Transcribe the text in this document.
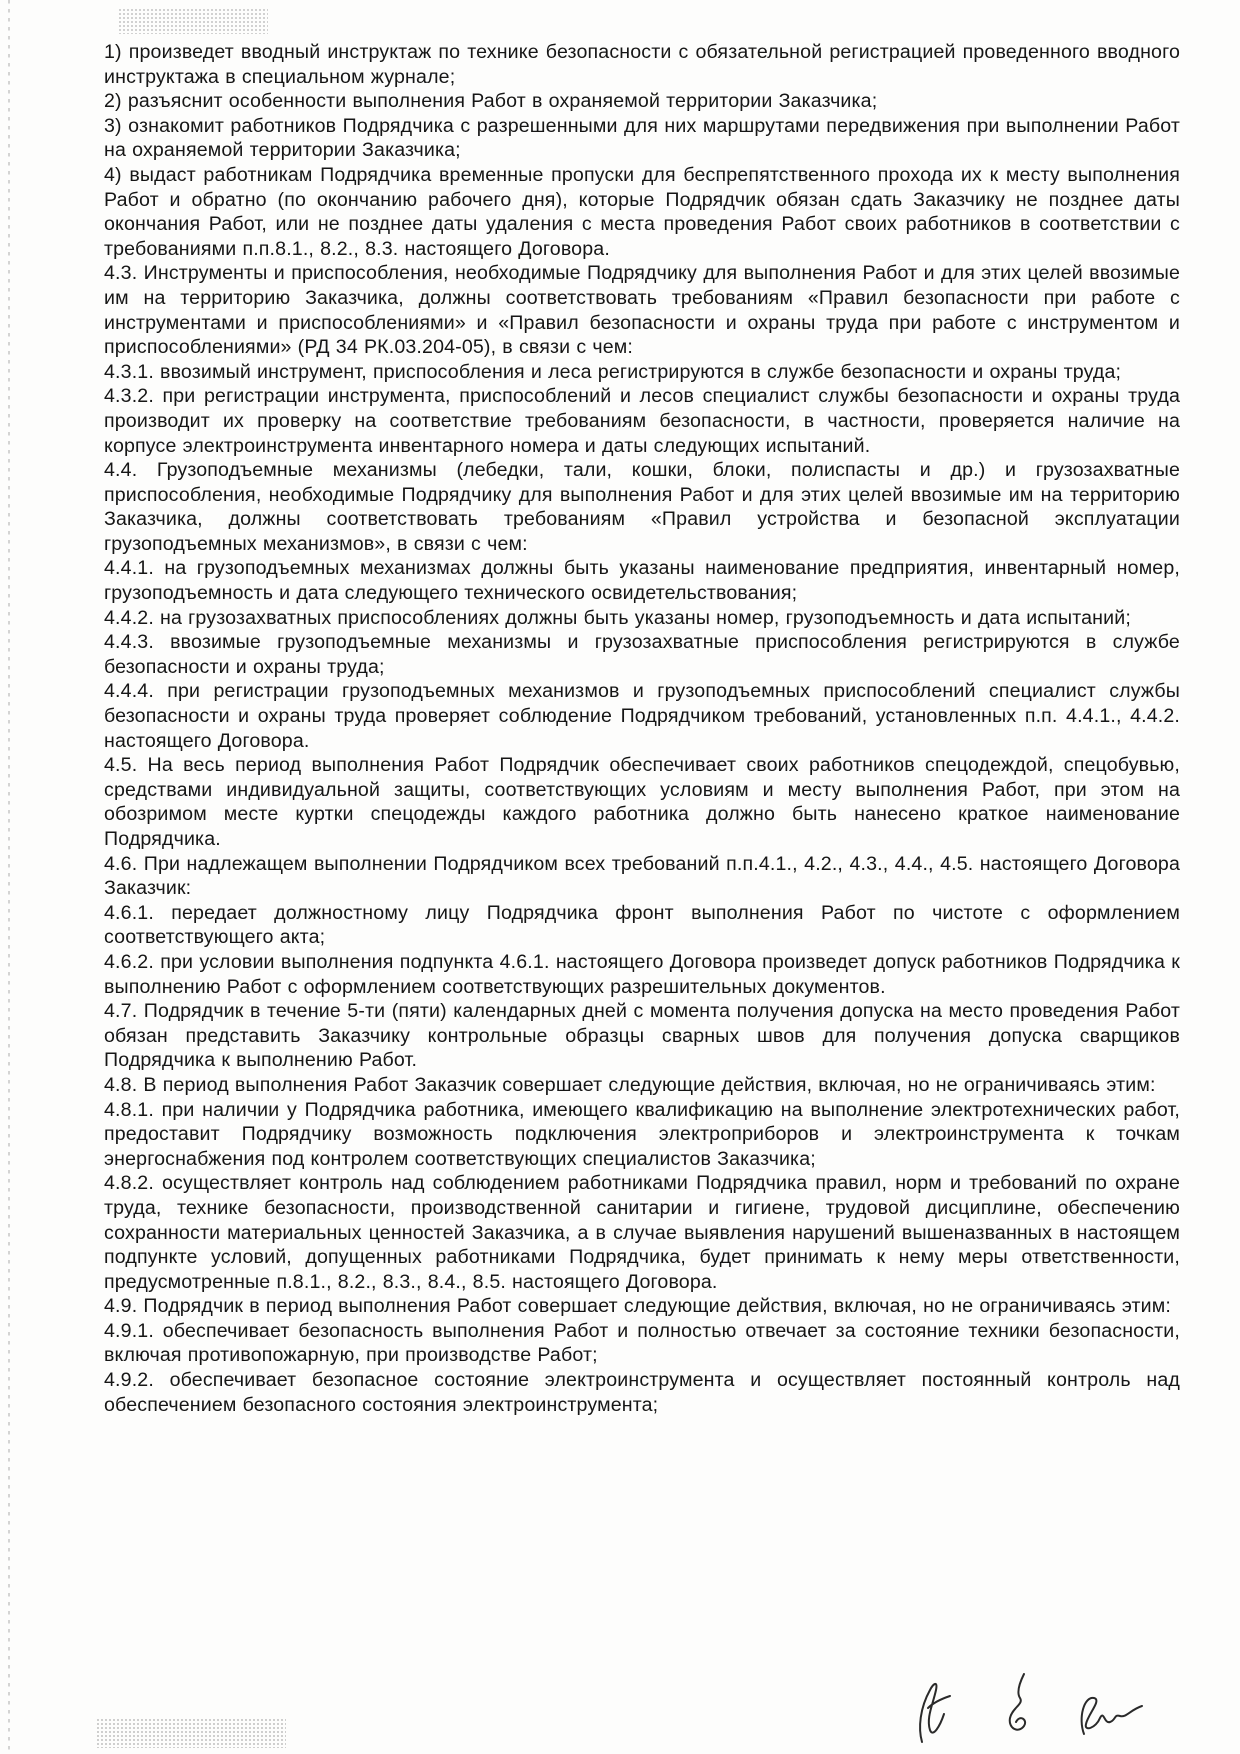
1) произведет вводный инструктаж по технике безопасности с обязательной регистрацией проведенного вводного инструктажа в специальном журнале;

2) разъяснит особенности выполнения Работ в охраняемой территории Заказчика;

3) ознакомит работников Подрядчика с разрешенными для них маршрутами передвижения при выполнении Работ на охраняемой территории Заказчика;

4) выдаст работникам Подрядчика временные пропуски для беспрепятственного прохода их к месту выполнения Работ и обратно (по окончанию рабочего дня), которые Подрядчик обязан сдать Заказчику не позднее даты окончания Работ, или не позднее даты удаления с места проведения Работ своих работников в соответствии с требованиями п.п.8.1., 8.2., 8.3. настоящего Договора.

4.3. Инструменты и приспособления, необходимые Подрядчику для выполнения Работ и для этих целей ввозимые им на территорию Заказчика, должны соответствовать требованиям «Правил безопасности при работе с инструментами и приспособлениями» и «Правил безопасности и охраны труда при работе с инструментом и приспособлениями» (РД 34 РК.03.204-05), в связи с чем:

4.3.1. ввозимый инструмент, приспособления и леса регистрируются в службе безопасности и охраны труда;

4.3.2. при регистрации инструмента, приспособлений и лесов специалист службы безопасности и охраны труда производит их проверку на соответствие требованиям безопасности, в частности, проверяется наличие на корпусе электроинструмента инвентарного номера и даты следующих испытаний.

4.4. Грузоподъемные механизмы (лебедки, тали, кошки, блоки, полиспасты и др.) и грузозахватные приспособления, необходимые Подрядчику для выполнения Работ и для этих целей ввозимые им на территорию Заказчика, должны соответствовать требованиям «Правил устройства и безопасной эксплуатации грузоподъемных механизмов», в связи с чем:

4.4.1. на грузоподъемных механизмах должны быть указаны наименование предприятия, инвентарный номер, грузоподъемность и дата следующего технического освидетельствования;

4.4.2. на грузозахватных приспособлениях должны быть указаны номер, грузоподъемность и дата испытаний;

4.4.3. ввозимые грузоподъемные механизмы и грузозахватные приспособления регистрируются в службе безопасности и охраны труда;

4.4.4. при регистрации грузоподъемных механизмов и грузоподъемных приспособлений специалист службы безопасности и охраны труда проверяет соблюдение Подрядчиком требований, установленных п.п. 4.4.1., 4.4.2. настоящего Договора.

4.5. На весь период выполнения Работ Подрядчик обеспечивает своих работников спецодеждой, спецобувью, средствами индивидуальной защиты, соответствующих условиям и месту выполнения Работ, при этом на обозримом месте куртки спецодежды каждого работника должно быть нанесено краткое наименование Подрядчика.

4.6. При надлежащем выполнении Подрядчиком всех требований п.п.4.1., 4.2., 4.3., 4.4., 4.5. настоящего Договора Заказчик:

4.6.1. передает должностному лицу Подрядчика фронт выполнения Работ по чистоте с оформлением соответствующего акта;

4.6.2. при условии выполнения подпункта 4.6.1. настоящего Договора произведет допуск работников Подрядчика к выполнению Работ с оформлением соответствующих разрешительных документов.

4.7. Подрядчик в течение 5-ти (пяти) календарных дней с момента получения допуска на место проведения Работ обязан представить Заказчику контрольные образцы сварных швов для получения допуска сварщиков Подрядчика к выполнению Работ.

4.8. В период выполнения Работ Заказчик совершает следующие действия, включая, но не ограничиваясь этим:

4.8.1. при наличии у Подрядчика работника, имеющего квалификацию на выполнение электротехнических работ, предоставит Подрядчику возможность подключения электроприборов и электроинструмента к точкам энергоснабжения под контролем соответствующих специалистов Заказчика;

4.8.2. осуществляет контроль над соблюдением работниками Подрядчика правил, норм и требований по охране труда, технике безопасности, производственной санитарии и гигиене, трудовой дисциплине, обеспечению сохранности материальных ценностей Заказчика, а в случае выявления нарушений вышеназванных в настоящем подпункте условий, допущенных работниками Подрядчика, будет принимать к нему меры ответственности, предусмотренные п.8.1., 8.2., 8.3., 8.4., 8.5. настоящего Договора.

4.9. Подрядчик в период выполнения Работ совершает следующие действия, включая, но не ограничиваясь этим:

4.9.1. обеспечивает безопасность выполнения Работ и полностью отвечает за состояние техники безопасности, включая противопожарную, при производстве Работ;

4.9.2. обеспечивает безопасное состояние электроинструмента и осуществляет постоянный контроль над обеспечением безопасного состояния электроинструмента;
